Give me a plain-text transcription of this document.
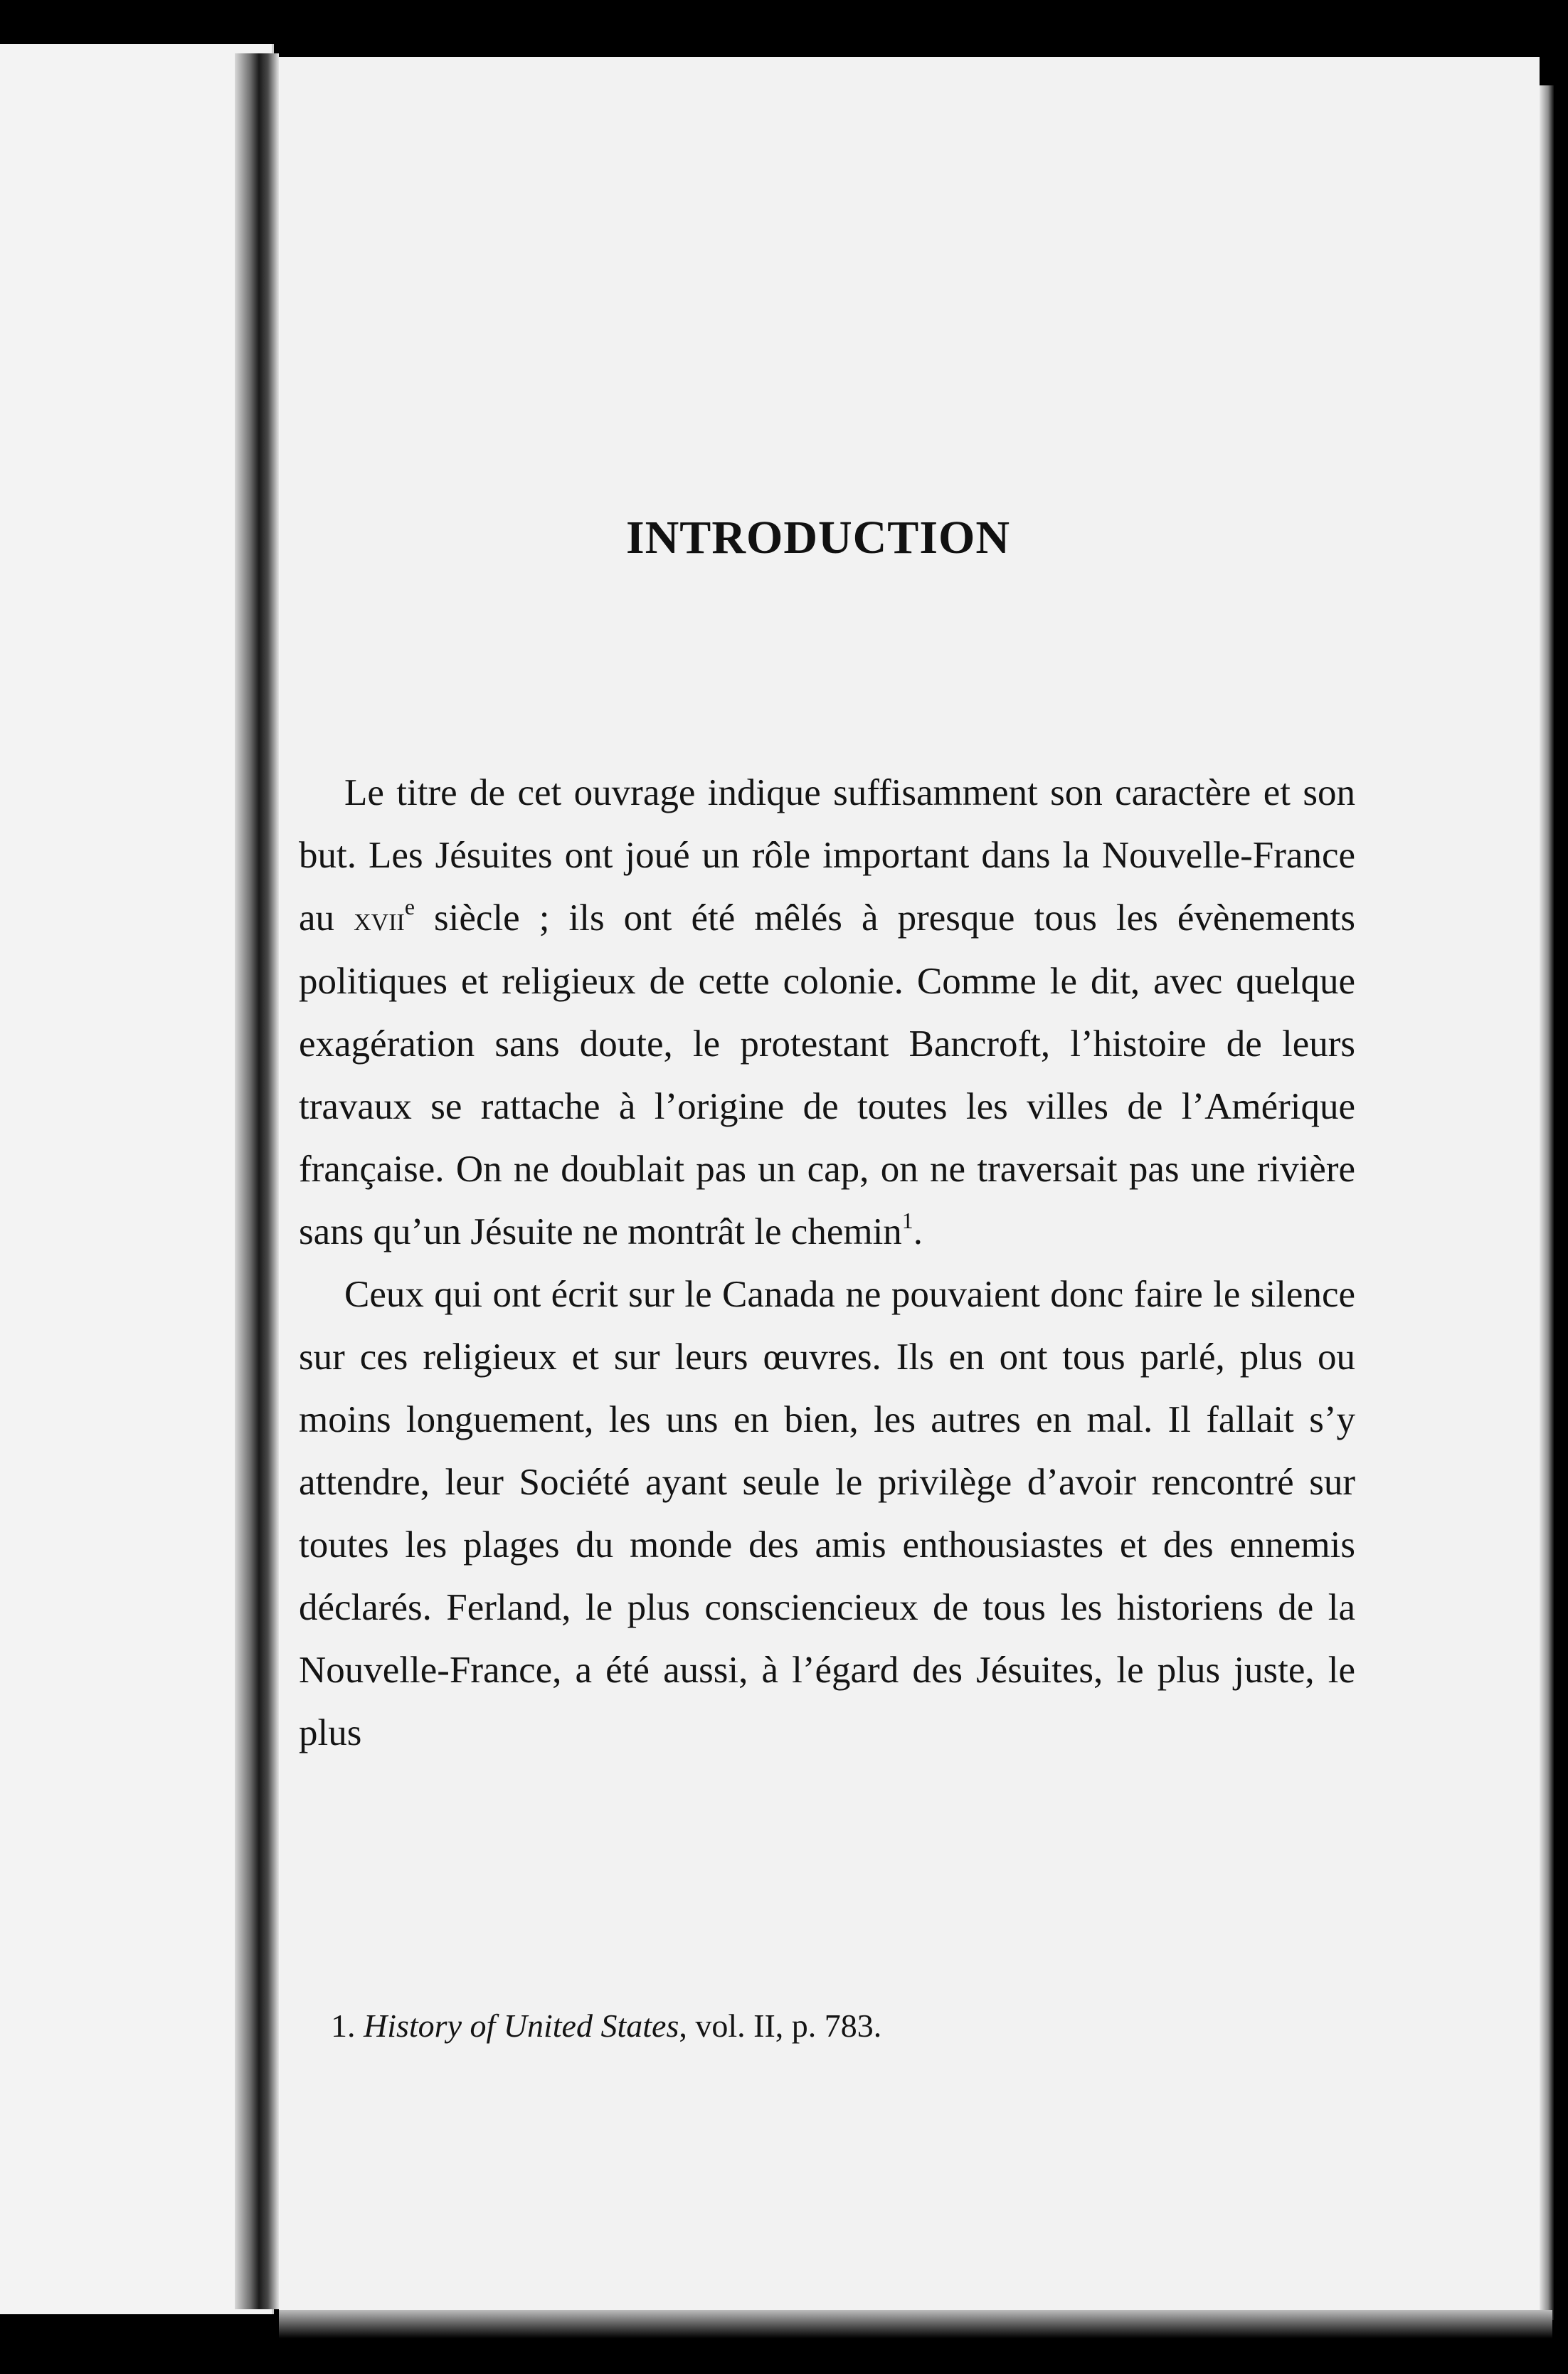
INTRODUCTION

Le titre de cet ouvrage indique suffisamment son caractère et son but. Les Jésuites ont joué un rôle important dans la Nouvelle-France au xvii$^e$ siècle ; ils ont été mêlés à presque tous les évènements politiques et religieux de cette colonie. Comme le dit, avec quelque exagération sans doute, le protestant Bancroft, l’histoire de leurs travaux se rattache à l’origine de toutes les villes de l’Amérique française. On ne doublait pas un cap, on ne traversait pas une rivière sans qu’un Jésuite ne montrât le chemin$^1$.

Ceux qui ont écrit sur le Canada ne pouvaient donc faire le silence sur ces religieux et sur leurs œuvres. Ils en ont tous parlé, plus ou moins longuement, les uns en bien, les autres en mal. Il fallait s’y attendre, leur Société ayant seule le privilège d’avoir rencontré sur toutes les plages du monde des amis enthousiastes et des ennemis déclarés. Ferland, le plus consciencieux de tous les historiens de la Nouvelle-France, a été aussi, à l’égard des Jésuites, le plus juste, le plus

1. History of United States, vol. II, p. 783.
